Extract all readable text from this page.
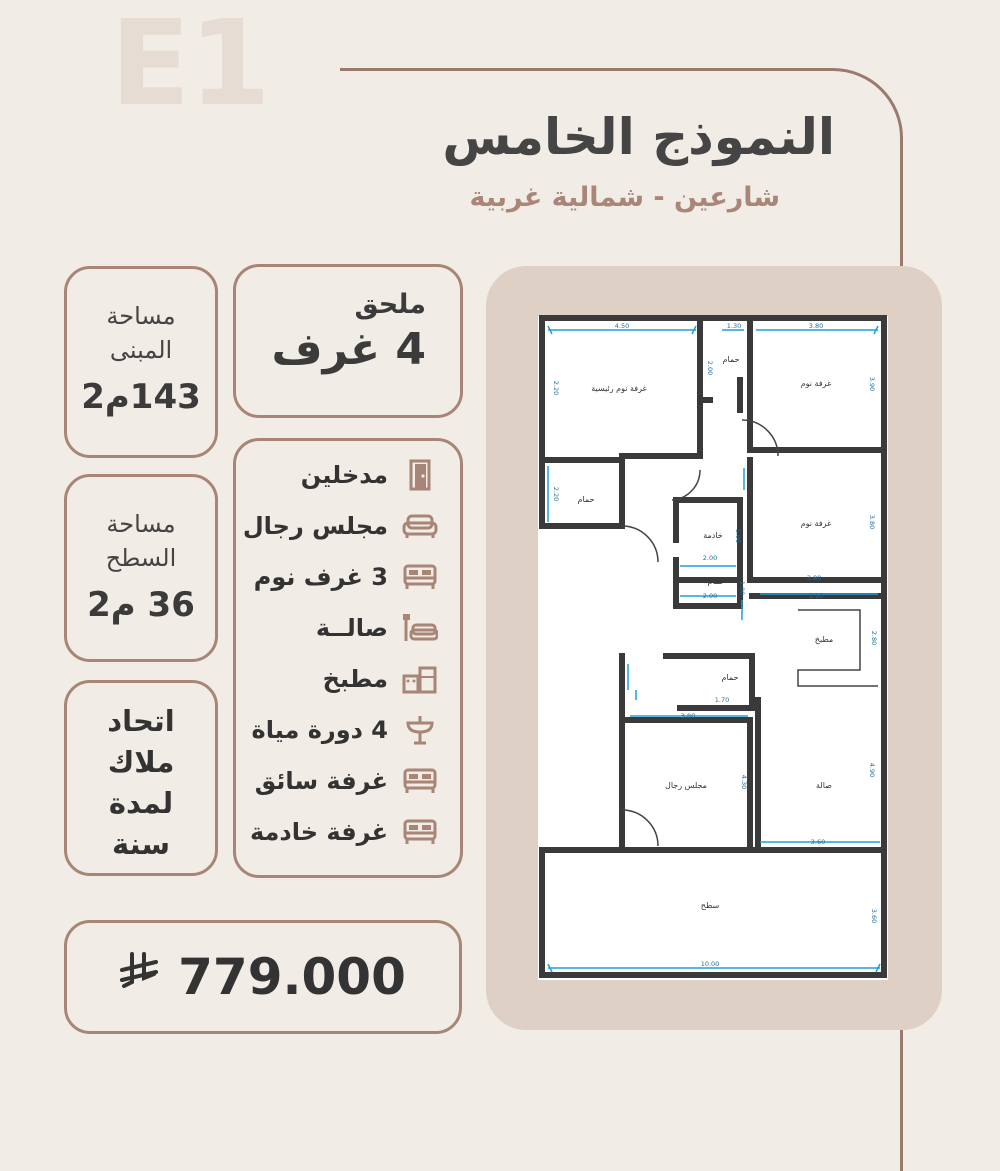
E1
النموذج الخامس
شارعين - شمالية غربية
مساحة المبنى
143م2
ملحق
4 غرف
مساحة السطح
36 م2
اتحاد ملاك لمدة سنة
مدخلين
مجلس رجال
3 غرف نوم
صالــة
مطبخ
4 دورة مياة
غرفة سائق
غرفة خادمة
779.000
غرفة نوم رئيسية
غرفة نوم
حمام
حمام
غرفة نوم
خادمة
حمام
مطبخ
حمام
مجلس رجال	صالة
سطح
4.50	1.30	3.80
3.90
2.00
2.20
2.20
3.80
1.90
2.00
2.00
3.80
1.00
3.90
2.80
1.70
3.80
4.30
4.90
3.60
3.60
10.00
